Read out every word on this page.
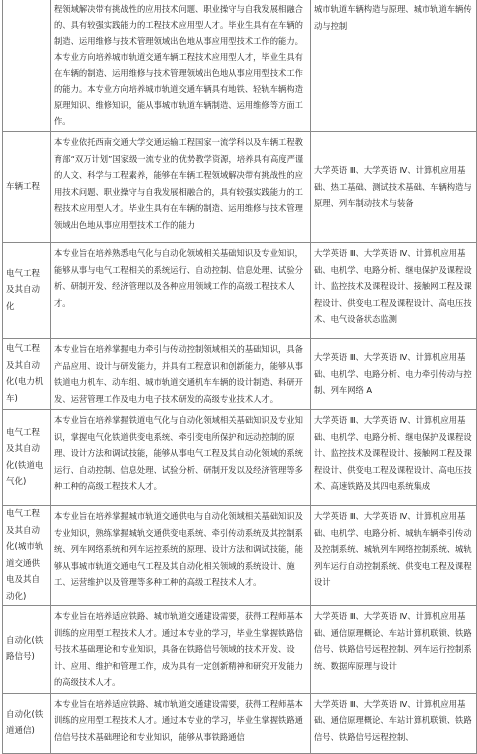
	程领域解决带有挑战性的应用技术问题、职业操守与自我发展相融合的、具有较强实践能力的工程技术应用型人才。毕业生具有在车辆的制造、运用维修与技术管理领域出色地从事应用型技术工作的能力。本专业方向培养城市轨道交通车辆工程技术应用型人才，毕业生具有在车辆的制造、运用维修与技术管理领域出色地从事应用型技术工作的能力。本专业方向培养城市轨道交通车辆具有地铁、轻轨车辆构造原理知识、维修知识，能从事城市轨道车辆制造、运用维修等方面工作。	城市轨道车辆构造与原理、城市轨道车辆传动与控制
车辆工程	本专业依托西南交通大学交通运输工程国家一流学科以及车辆工程教育部“双万计划”国家级一流专业的优势教学资源，培养具有高度严谨的人文、科学与工程素养，能够在车辆工程领域解决带有挑战性的应用技术问题、职业操守与自我发展相融合的，具有较强实践能力的工程技术应用型人才。毕业生具有在车辆的制造、运用维修与技术管理领域出色地从事应用型技术工作的能力	大学英语 Ⅲ、大学英语 Ⅳ、计算机应用基础、热工基础、测试技术基础、车辆构造与原理、列车制动技术与装备
电气工程及其自动化	本专业旨在培养熟悉电气化与自动化领域相关基础知识及专业知识，能够从事与电气工程相关的系统运行、自动控制、信息处理、试验分析、研制开发、经济管理以及各种应用领域工作的高级工程技术人才。	大学英语 Ⅲ、大学英语 Ⅳ、计算机应用基础、电机学、电路分析、继电保护及课程设计、监控技术及课程设计、接触网工程及课程设计、供变电工程及课程设计、高电压技术、电气设备状态监测
电气工程及其自动化(电力机车)	本专业旨在培养掌握电力牵引与传动控制领域相关的基础知识，具备产品应用、设计与研发能力，并具有工程意识和创新能力，能够从事铁道电力机车、动车组、城市轨道交通机车车辆的设计制造、科研开发、运营管理工作及电力电子技术研发的高级专业技术人才。	大学英语 Ⅲ、大学英语 Ⅳ、计算机应用基础、电机学、电路分析、电力牵引传动与控制、列车网络 A
电气工程及其自动化(铁道电气化)	本专业旨在培养掌握铁道电气化与自动化领域相关基础知识及专业知识，掌握电气化铁道供变电系统、牵引变电所保护和远动控制的原理、设计方法和调试技能，能够从事电气工程及其自动化领域的系统运行、自动控制、信息处理、试验分析、研制开发以及经济管理等多种工种的高级工程技术人才。	大学英语 Ⅲ、大学英语 Ⅳ、计算机应用基础、电机学、电路分析、继电保护及课程设计、监控技术及课程设计、接触网工程及课程设计、供变电工程及课程设计、高电压技术、高速铁路及其四电系统集成
电气工程及其自动化(城市轨道交通供电及其自动化)	本专业旨在培养掌握城市轨道交通供电与自动化领域相关基础知识及专业知识，熟练掌握城轨交通供变电系统、牵引传动系统及其控制系统、列车网络系统和列车运控系统的原理、设计方法和调试技能，能够从事城市轨道交通电气工程及其自动化相关领域的系统设计、施工、运营维护以及管理等多种工种的高级工程技术人才。	大学英语 Ⅲ、大学英语 Ⅳ、计算机应用基础、电机学、电路分析、城轨车辆牵引传动及控制系统、城轨列车网络控制系统、城轨列车运行自动控制系统、供变电工程及课程设计
自动化(铁路信号)	本专业旨在培养适应铁路、城市轨道交通建设需要，获得工程师基本训练的应用型工程技术人才。通过本专业的学习，毕业生掌握铁路信号技术基础理论和专业知识，具备在铁路信号领域的技术开发、设计、应用、维护和管理工作，成为具有一定创新精神和研究开发能力的高级技术人才。	大学英语 Ⅲ、大学英语 Ⅳ、计算机应用基础、通信原理概论、车站计算机联锁、铁路信号、铁路信号远程控制、列车运行控制系统、数据库原理与设计
自动化(铁道通信)	本专业旨在培养适应铁路、城市轨道交通建设需要，获得工程师基本训练的应用型工程技术人才。通过本专业的学习，毕业生掌握铁路通信信号技术基础理论和专业知识，能够从事铁路通信	大学英语 Ⅲ、大学英语 Ⅳ、计算机应用基础、通信原理概论、车站计算机联锁、铁路信号、铁路信号远程控制、
